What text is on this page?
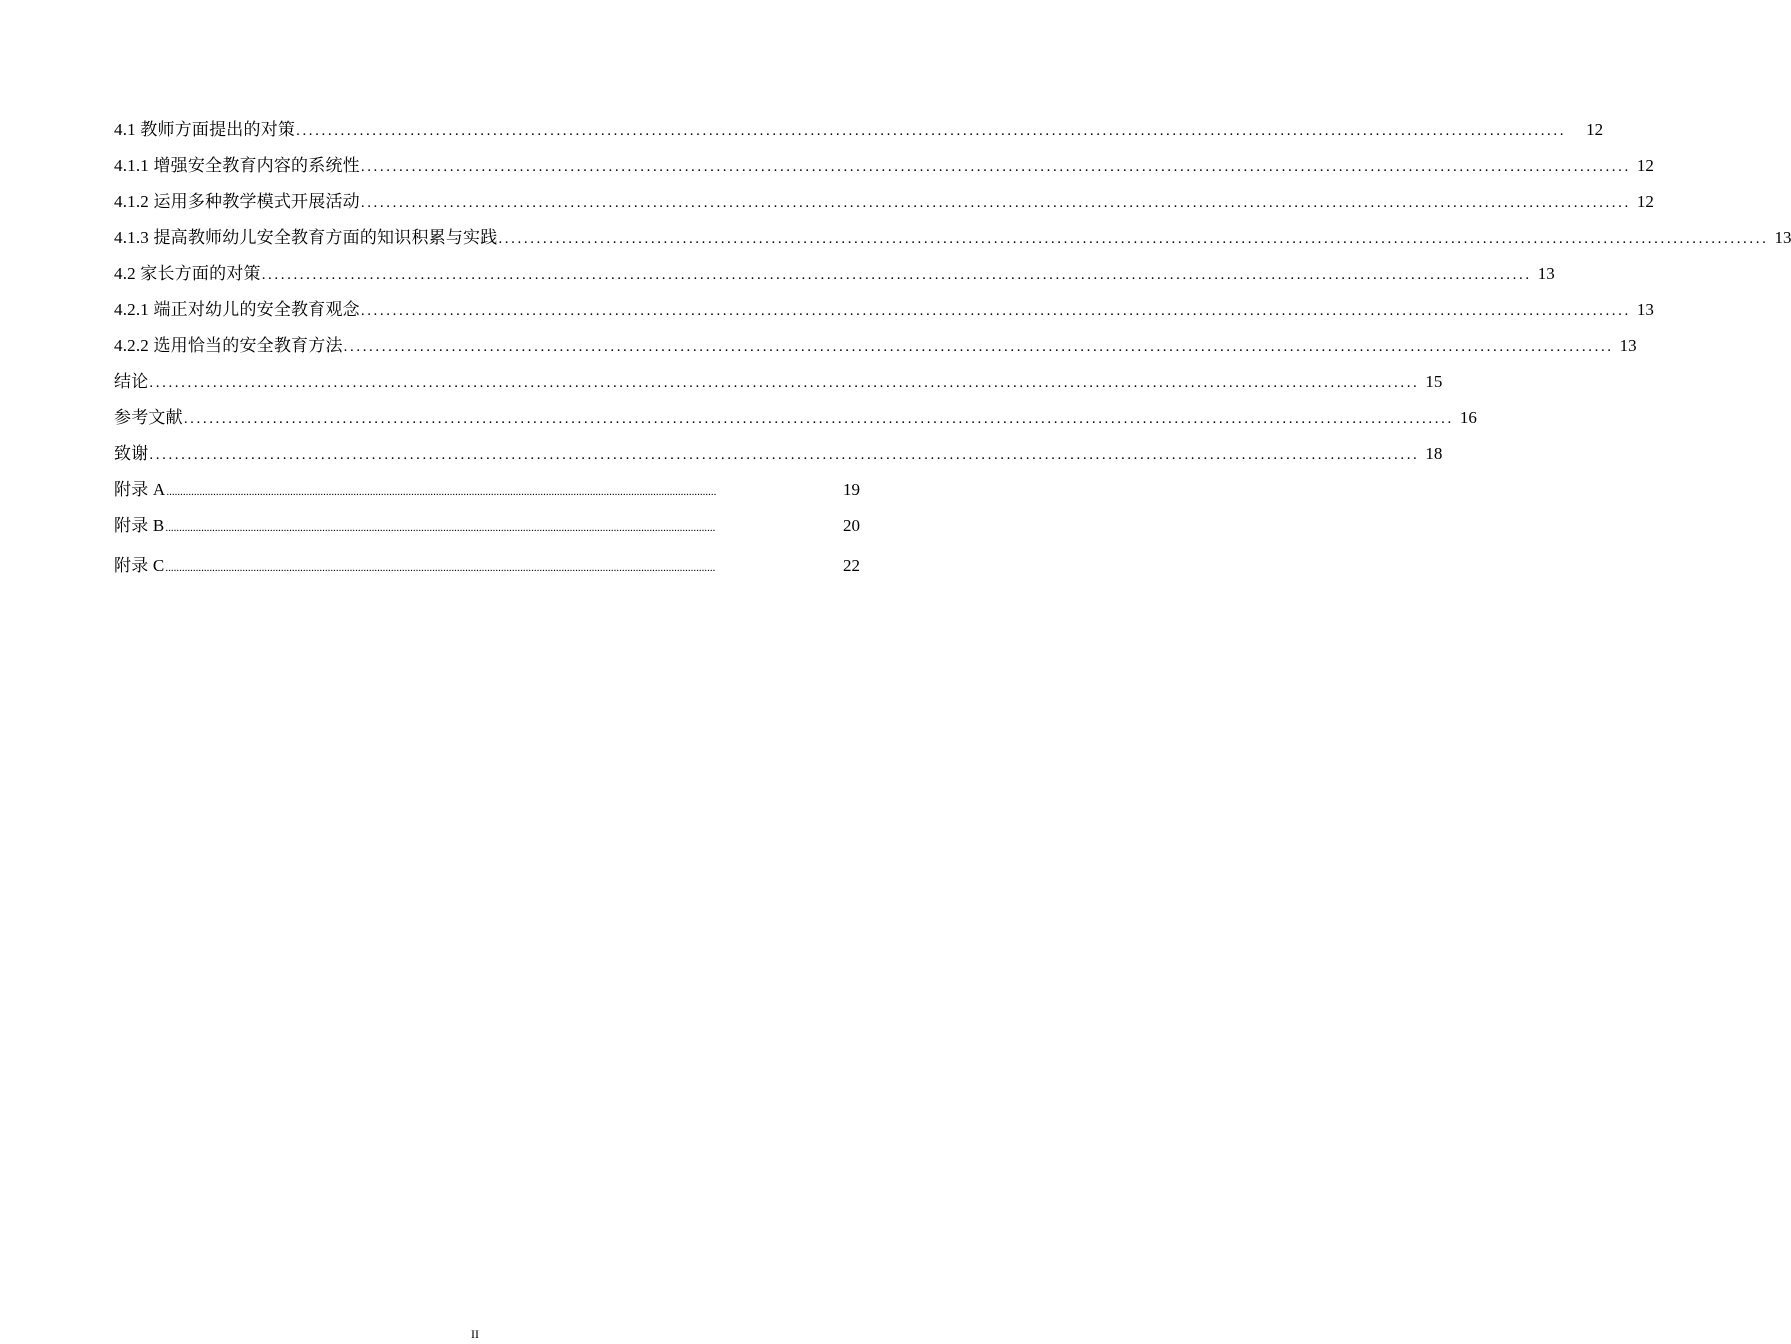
4.1 教师方面提出的对策 ........................................................................................................................................................................................................	12
4.1.1 增强安全教育内容的系统性 ........................................................................................................................................................................................................ 12
4.1.2 运用多种教学模式开展活动 ........................................................................................................................................................................................................ 12
4.1.3 提高教师幼儿安全教育方面的知识积累与实践 ........................................................................................................................................................................................................ 13
4.2 家长方面的对策 ........................................................................................................................................................................................................ 13
4.2.1 端正对幼儿的安全教育观念 ........................................................................................................................................................................................................ 13
4.2.2 选用恰当的安全教育方法 ........................................................................................................................................................................................................ 13
结论 ........................................................................................................................................................................................................ 15
参考文献 ........................................................................................................................................................................................................ 16
致谢 ........................................................................................................................................................................................................ 18
附录 A ........................................................................................................................................................................................................	19
附录 B ........................................................................................................................................................................................................	20
附录 C ........................................................................................................................................................................................................	22
II
